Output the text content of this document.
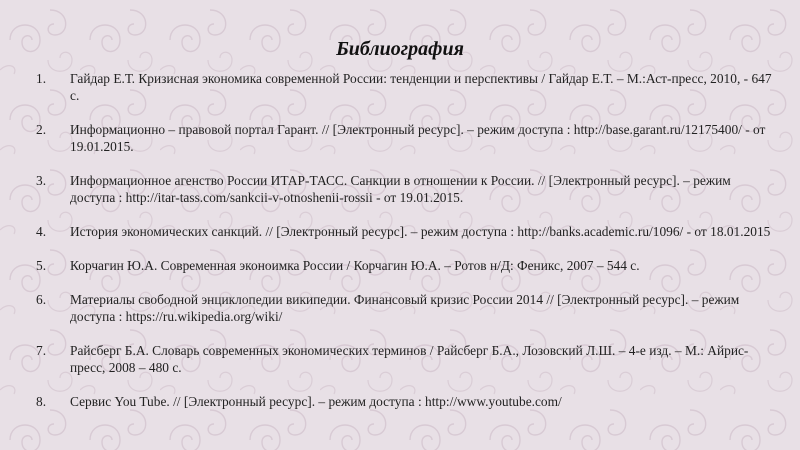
Библиография
1. Гайдар Е.Т. Кризисная экономика современной России: тенденции и перспективы / Гайдар Е.Т. – М.:Аст-пресс, 2010, - 647 с.
2. Информационно – правовой портал Гарант. // [Электронный ресурс]. – режим доступа : http://base.garant.ru/12175400/ - от 19.01.2015.
3. Информационное агенство России ИТАР-ТАСС. Санкции в отношении к России. // [Электронный ресурс]. – режим доступа : http://itar-tass.com/sankcii-v-otnoshenii-rossii - от 19.01.2015.
4. История экономических санкций. // [Электронный ресурс]. – режим доступа : http://banks.academic.ru/1096/ - от 18.01.2015
5. Корчагин Ю.А. Современная эконоимка России / Корчагин Ю.А. – Ротов н/Д: Феникс, 2007 – 544 с.
6. Материалы свободной энциклопедии википедии. Финансовый кризис России 2014 // [Электронный ресурс]. – режим доступа : https://ru.wikipedia.org/wiki/
7. Райсберг Б.А. Словарь современных экономических терминов / Райсберг Б.А., Лозовский Л.Ш. – 4-е изд. – М.: Айрис-пресс, 2008 – 480 с.
8. Сервис You Tube. // [Электронный ресурс]. – режим доступа : http://www.youtube.com/
